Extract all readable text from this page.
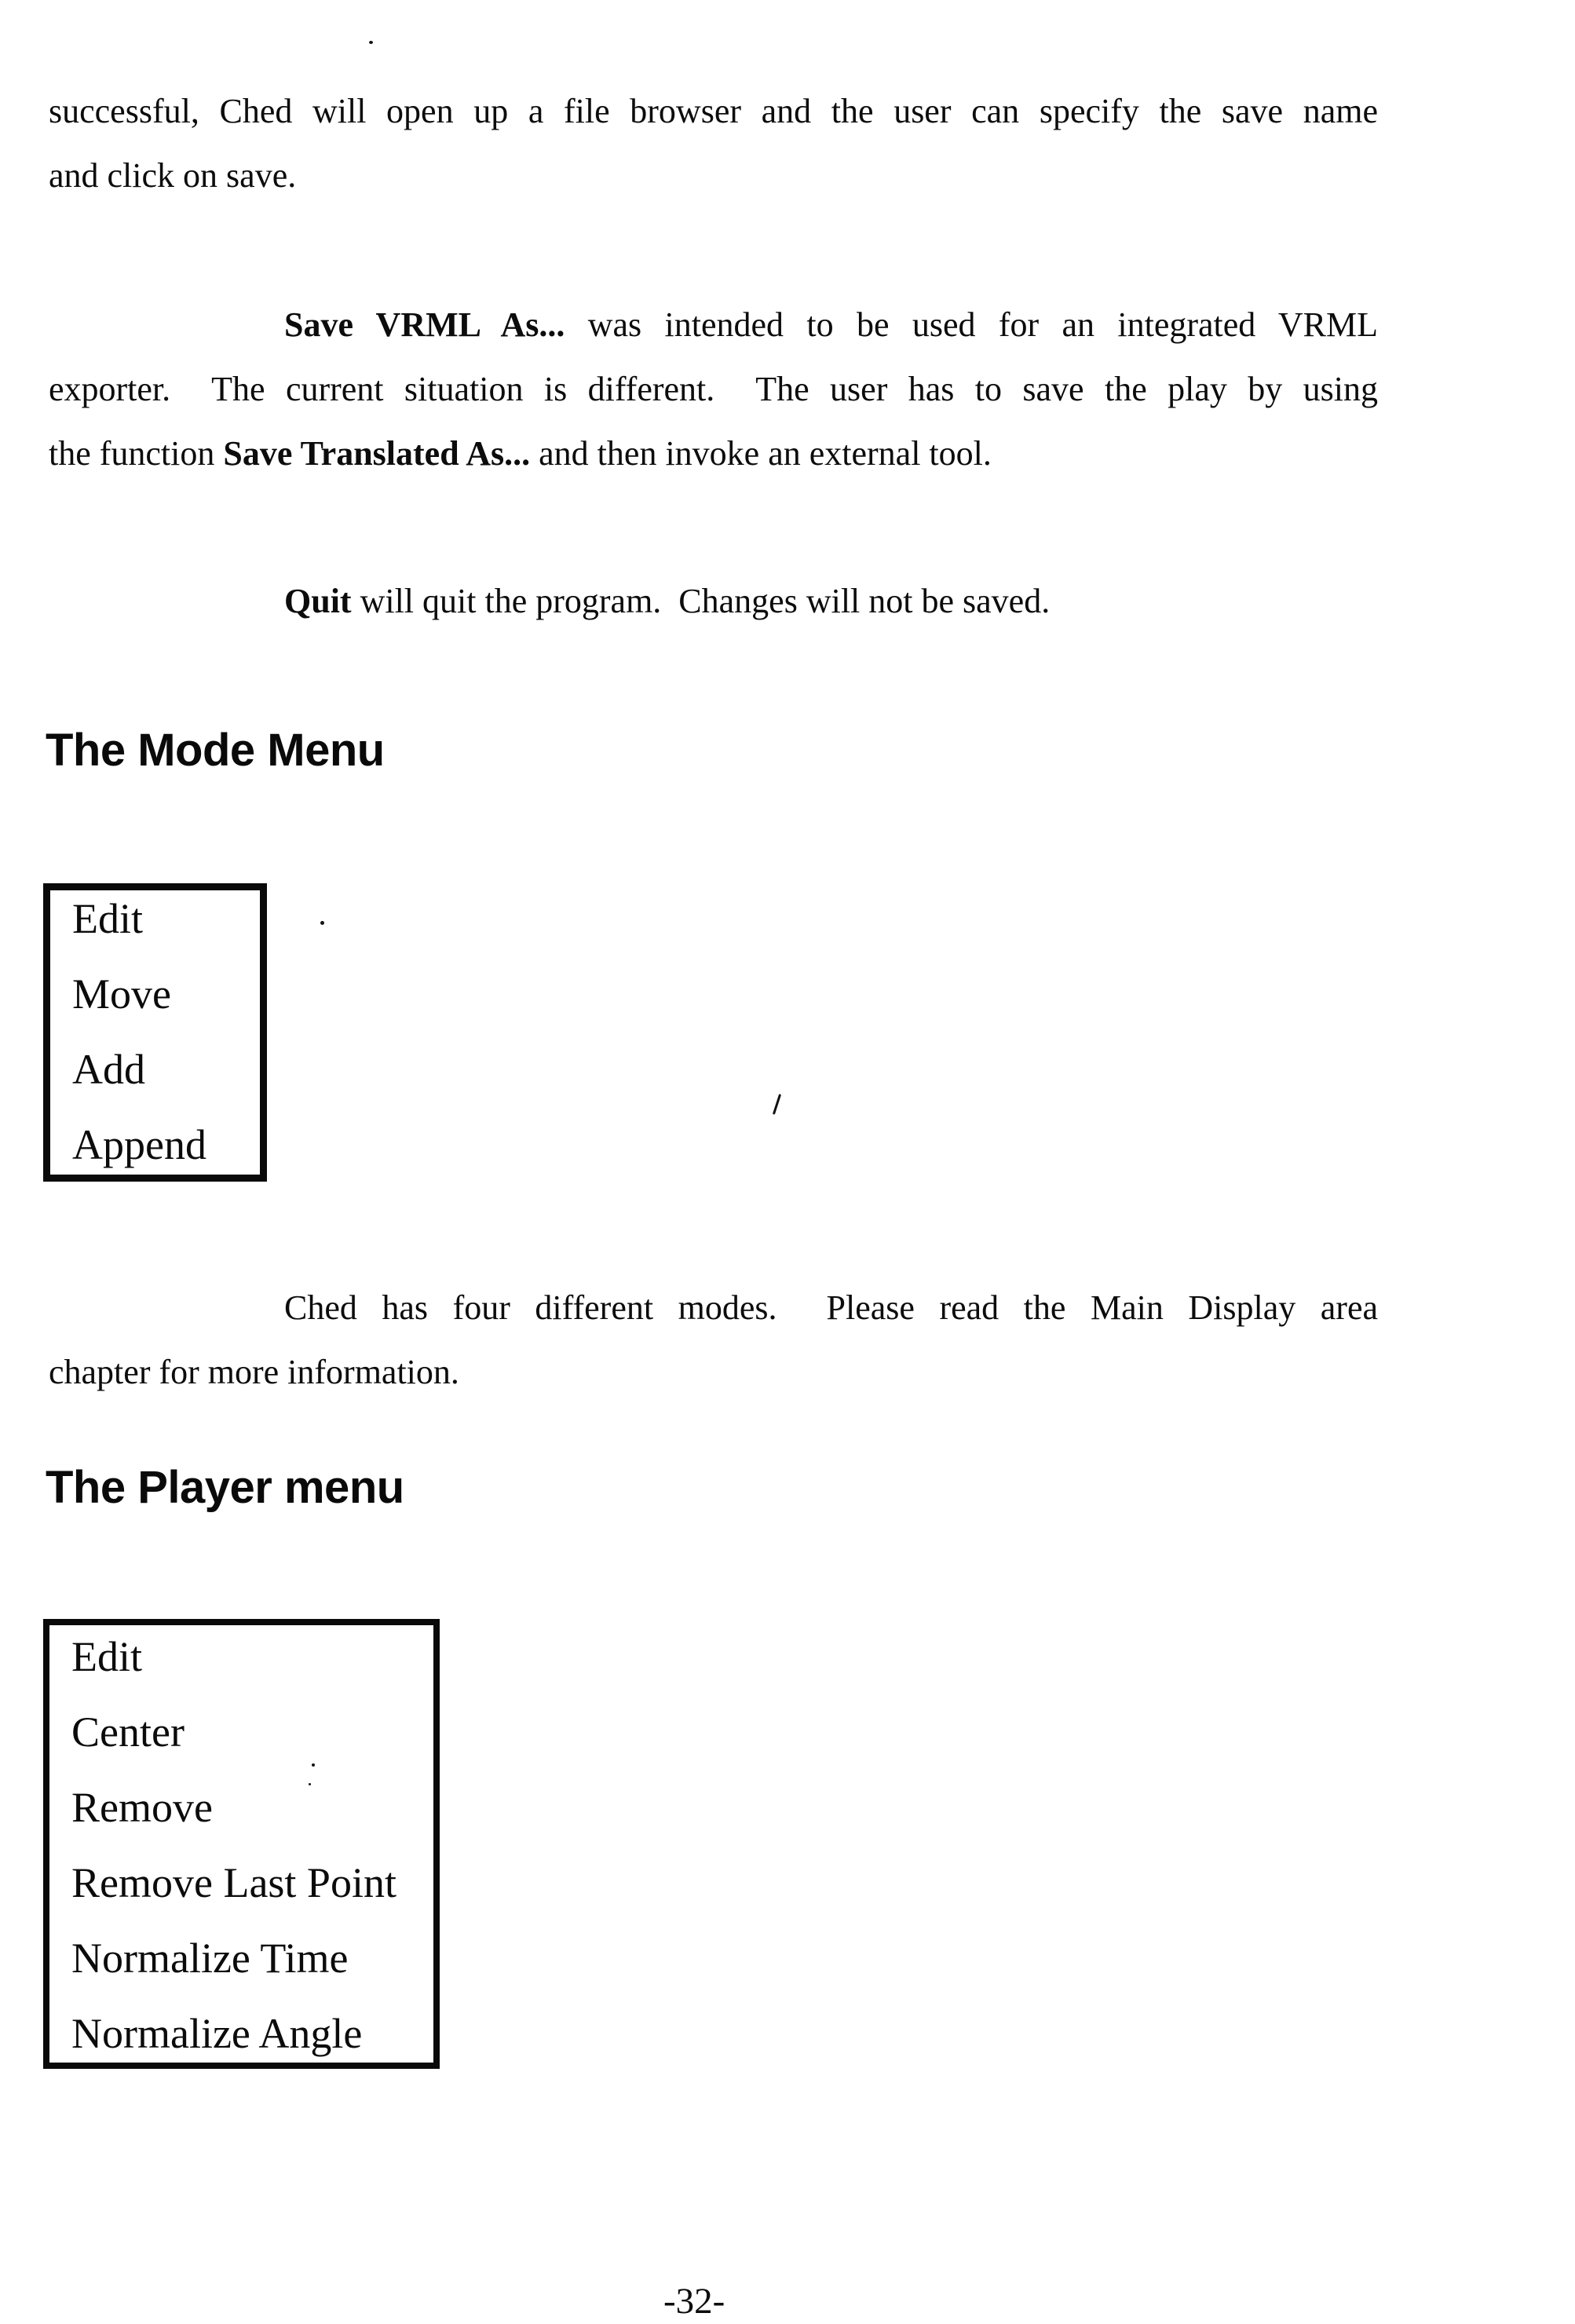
successful, Ched will open up a file browser and the user can specify the save name
and click on save.
Save VRML As... was intended to be used for an integrated VRML
exporter.  The current situation is different.  The user has to save the play by using
the function Save Translated As... and then invoke an external tool.
Quit will quit the program.  Changes will not be saved.
The Mode Menu
Edit
Move
Add
Append
Ched has four different modes.  Please read the Main Display area
chapter for more information.
The Player menu
Edit
Center
Remove
Remove Last Point
Normalize Time
Normalize Angle
-32-
